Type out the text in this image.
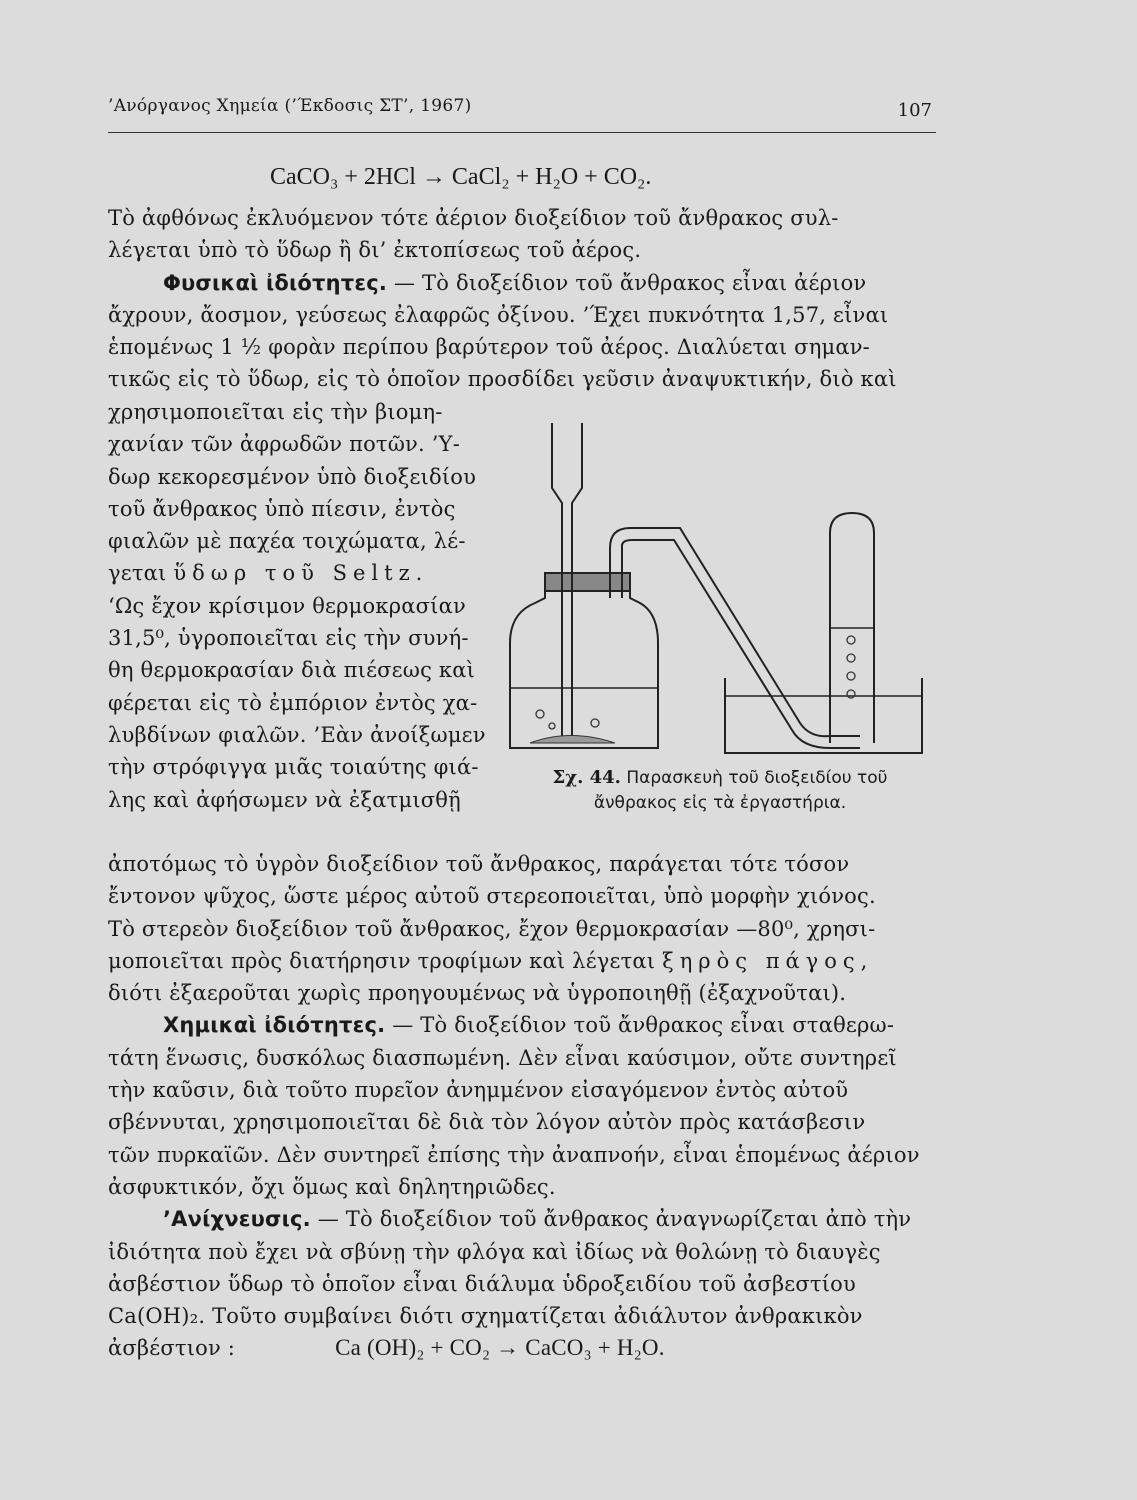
’Ανόργανος Χημεία (’Έκδοσις ΣΤ’, 1967)	107
CaCO₃ + 2HCl → CaCl₂ + H₂O + CO₂.
Τὸ ἀφθόνως ἐκλυόμενον τότε ἀέριον διοξείδιον τοῦ ἄνθρακος συλ-
λέγεται ὑπὸ τὸ ὕδωρ ἢ δι’ ἐκτοπίσεως τοῦ ἀέρος.
Φυσικαὶ ἰδιότητες. — Τὸ διοξείδιον τοῦ ἄνθρακος εἶναι ἀέριον
ἄχρουν, ἄοσμον, γεύσεως ἐλαφρῶς ὀξίνου. ’Έχει πυκνότητα 1,57, εἶναι
ἑπομένως 1 ½ φορὰν περίπου βαρύτερον τοῦ ἀέρος. Διαλύεται σημαν-
τικῶς εἰς τὸ ὕδωρ, εἰς τὸ ὁποῖον προσδίδει γεῦσιν ἀναψυκτικήν, διὸ καὶ
χρησιμοποιεῖται εἰς τὴν βιομη-
χανίαν τῶν ἀφρωδῶν ποτῶν. ’Υ-
δωρ κεκορεσμένον ὑπὸ διοξειδίου
τοῦ ἄνθρακος ὑπὸ πίεσιν, ἐντὸς
φιαλῶν μὲ παχέα τοιχώματα, λέ-
γεται ὕδωρ τοῦ Seltz.
‘Ως ἔχον κρίσιμον θερμοκρασίαν
31,5⁰, ὑγροποιεῖται εἰς τὴν συνή-
θη θερμοκρασίαν διὰ πιέσεως καὶ
φέρεται εἰς τὸ ἐμπόριον ἐντὸς χα-
λυβδίνων φιαλῶν. ’Εὰν ἀνοίξωμεν
τὴν στρόφιγγα μιᾶς τοιαύτης φιά-
λης καὶ ἀφήσωμεν νὰ ἐξατμισθῇ
Σχ. 44. Παρασκευὴ τοῦ διοξειδίου τοῦ
ἄνθρακος εἰς τὰ ἐργαστήρια.
ἀποτόμως τὸ ὑγρὸν διοξείδιον τοῦ ἄνθρακος, παράγεται τότε τόσον
ἔντονον ψῦχος, ὥστε μέρος αὐτοῦ στερεοποιεῖται, ὑπὸ μορφὴν χιόνος.
Τὸ στερεὸν διοξείδιον τοῦ ἄνθρακος, ἔχον θερμοκρασίαν —80⁰, χρησι-
μοποιεῖται πρὸς διατήρησιν τροφίμων καὶ λέγεται ξηρὸς πάγος,
διότι ἐξαεροῦται χωρὶς προηγουμένως νὰ ὑγροποιηθῇ (ἐξαχνοῦται).
Χημικαὶ ἰδιότητες. — Τὸ διοξείδιον τοῦ ἄνθρακος εἶναι σταθερω-
τάτη ἕνωσις, δυσκόλως διασπωμένη. Δὲν εἶναι καύσιμον, οὔτε συντηρεῖ
τὴν καῦσιν, διὰ τοῦτο πυρεῖον ἀνημμένον εἰσαγόμενον ἐντὸς αὐτοῦ
σβέννυται, χρησιμοποιεῖται δὲ διὰ τὸν λόγον αὐτὸν πρὸς κατάσβεσιν
τῶν πυρκαϊῶν. Δὲν συντηρεῖ ἐπίσης τὴν ἀναπνοήν, εἶναι ἑπομένως ἀέριον
ἀσφυκτικόν, ὄχι ὅμως καὶ δηλητηριῶδες.
’Ανίχνευσις. — Τὸ διοξείδιον τοῦ ἄνθρακος ἀναγνωρίζεται ἀπὸ τὴν
ἰδιότητα ποὺ ἔχει νὰ σβύνῃ τὴν φλόγα καὶ ἰδίως νὰ θολώνῃ τὸ διαυγὲς
ἀσβέστιον ὕδωρ τὸ ὁποῖον εἶναι διάλυμα ὑδροξειδίου τοῦ ἀσβεστίου
Ca(OH)₂. Τοῦτο συμβαίνει διότι σχηματίζεται ἀδιάλυτον ἀνθρακικὸν
ἀσβέστιον :	Ca (OH)₂ + CO₂ → CaCO₃ + H₂O.
